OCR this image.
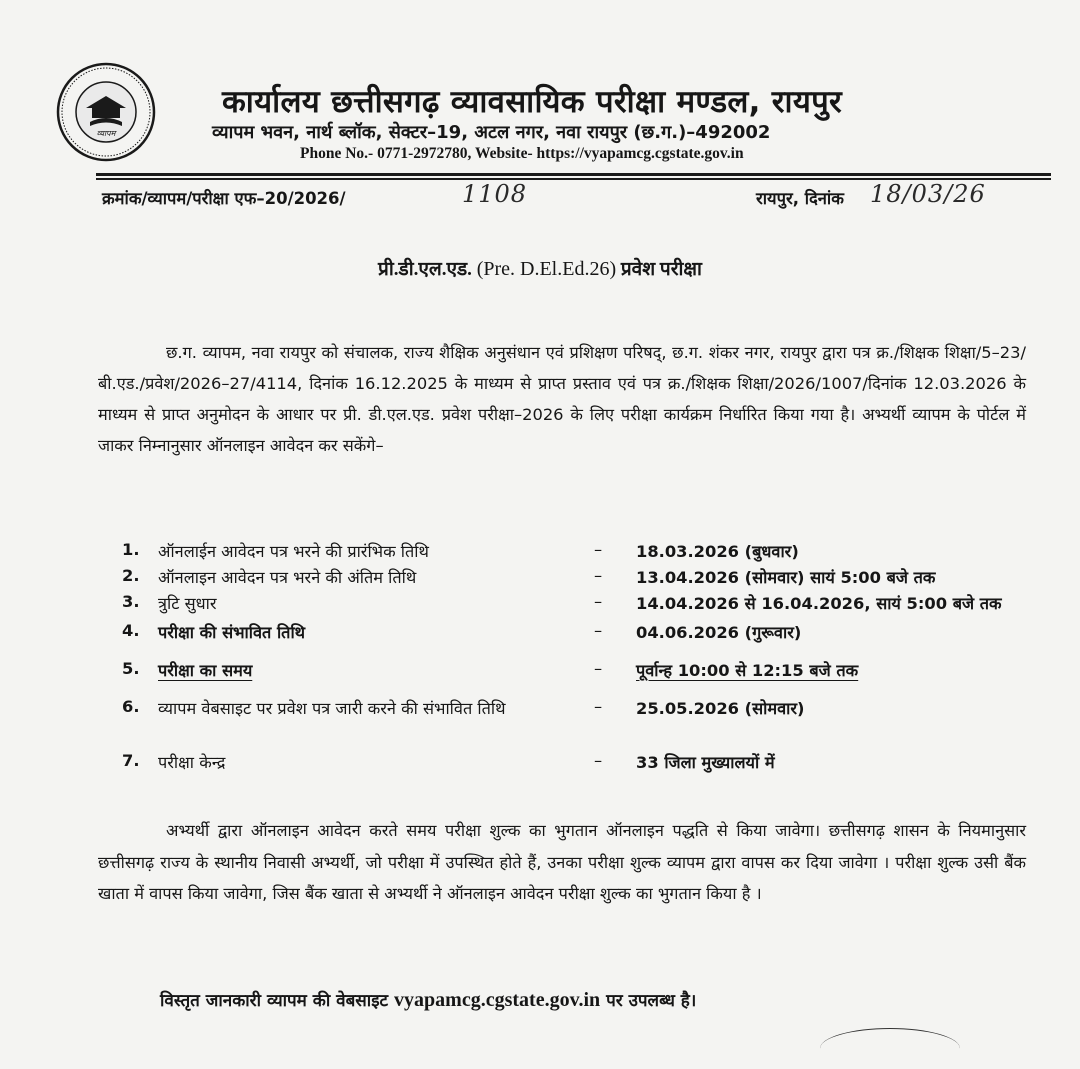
व्यापम
कार्यालय छत्तीसगढ़ व्यावसायिक परीक्षा मण्डल, रायपुर
व्यापम भवन, नार्थ ब्लॉक, सेक्टर–19, अटल नगर, नवा रायपुर (छ.ग.)–492002
Phone No.- 0771-2972780, Website- https://vyapamcg.cgstate.gov.in
क्रमांक/व्यापम/परीक्षा एफ–20/2026/	1108	रायपुर, दिनांक 18/03/26
प्री.डी.एल.एड. (Pre. D.El.Ed.26) प्रवेश परीक्षा
छ.ग. व्यापम, नवा रायपुर को संचालक, राज्य शैक्षिक अनुसंधान एवं प्रशिक्षण परिषद्, छ.ग. शंकर नगर, रायपुर द्वारा पत्र क्र./शिक्षक शिक्षा/5–23/बी.एड./प्रवेश/2026–27/4114, दिनांक 16.12.2025 के माध्यम से प्राप्त प्रस्ताव एवं पत्र क्र./शिक्षक शिक्षा/2026/1007/दिनांक 12.03.2026 के माध्यम से प्राप्त अनुमोदन के आधार पर प्री. डी.एल.एड. प्रवेश परीक्षा–2026 के लिए परीक्षा कार्यक्रम निर्धारित किया गया है। अभ्यर्थी व्यापम के पोर्टल में जाकर निम्नानुसार ऑनलाइन आवेदन कर सकेंगे–
1.	ऑनलाईन आवेदन पत्र भरने की प्रारंभिक तिथि	– 18.03.2026 (बुधवार)
2.	ऑनलाइन आवेदन पत्र भरने की अंतिम तिथि	– 13.04.2026 (सोमवार) सायं 5:00 बजे तक
3.	त्रुटि सुधार	– 14.04.2026 से 16.04.2026, सायं 5:00 बजे तक
4.	परीक्षा की संभावित तिथि	– 04.06.2026 (गुरूवार)
5.	परीक्षा का समय	– पूर्वान्ह 10:00 से 12:15 बजे तक
6.	व्यापम वेबसाइट पर प्रवेश पत्र जारी करने की संभावित तिथि	– 25.05.2026 (सोमवार)
7.	परीक्षा केन्द्र	– 33 जिला मुख्यालयों में
अभ्यर्थी द्वारा ऑनलाइन आवेदन करते समय परीक्षा शुल्क का भुगतान ऑनलाइन पद्धति से किया जावेगा। छत्तीसगढ़ शासन के नियमानुसार छत्तीसगढ़ राज्य के स्थानीय निवासी अभ्यर्थी, जो परीक्षा में उपस्थित होते हैं, उनका परीक्षा शुल्क व्यापम द्वारा वापस कर दिया जावेगा । परीक्षा शुल्क उसी बैंक खाता में वापस किया जावेगा, जिस बैंक खाता से अभ्यर्थी ने ऑनलाइन आवेदन परीक्षा शुल्क का भुगतान किया है ।
विस्तृत जानकारी व्यापम की वेबसाइट vyapamcg.cgstate.gov.in पर उपलब्ध है।
